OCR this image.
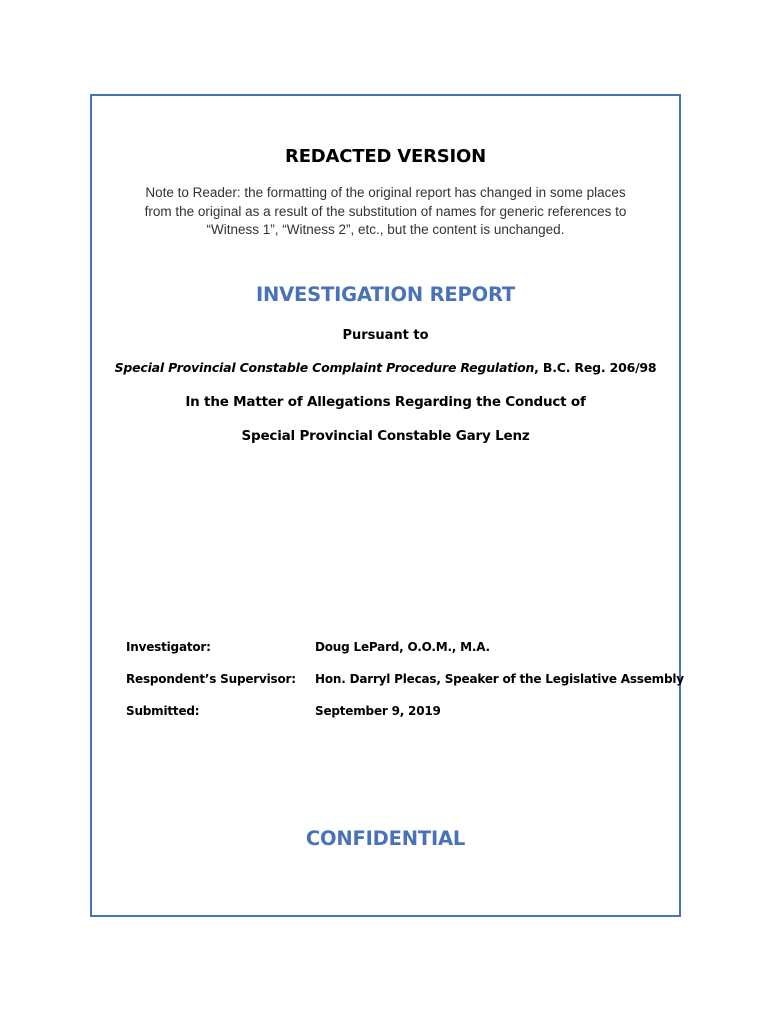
REDACTED VERSION
Note to Reader: the formatting of the original report has changed in some places
from the original as a result of the substitution of names for generic references to
“Witness 1”, “Witness 2”, etc., but the content is unchanged.
INVESTIGATION REPORT
Pursuant to
Special Provincial Constable Complaint Procedure Regulation, B.C. Reg. 206/98
In the Matter of Allegations Regarding the Conduct of
Special Provincial Constable Gary Lenz
Investigator:	Doug LePard, O.O.M., M.A.
Respondent’s Supervisor: Hon. Darryl Plecas, Speaker of the Legislative Assembly
Submitted:	September 9, 2019
CONFIDENTIAL
